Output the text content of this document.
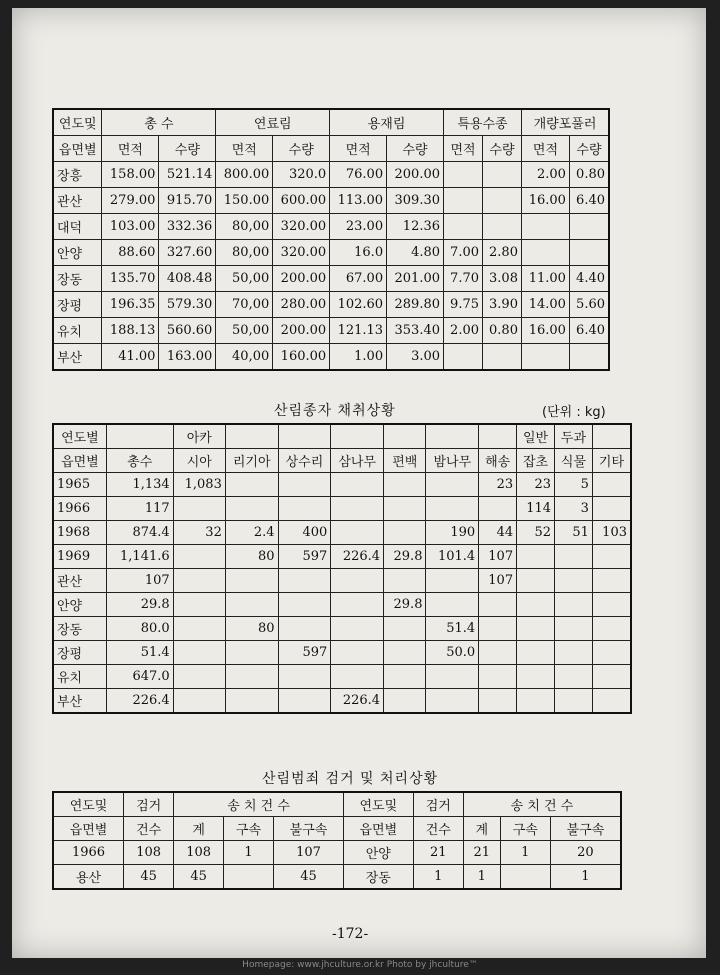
연도및	총 수		연료림		용재림		특용수종		개량포풀러	
읍면별	면적	수량	면적	수량	면적	수량	면적	수량	면적	수량
장흥	158.00	521.14	800.00	320.0	76.00	200.00			2.00	0.80
관산	279.00	915.70	150.00	600.00	113.00	309.30			16.00	6.40
대덕	103.00	332.36	80,00	320.00	23.00	12.36				
안양	88.60	327.60	80,00	320.00	16.0	4.80	7.00	2.80		
장동	135.70	408.48	50,00	200.00	67.00	201.00	7.70	3.08	11.00	4.40
장평	196.35	579.30	70,00	280.00	102.60	289.80	9.75	3.90	14.00	5.60
유치	188.13	560.60	50,00	200.00	121.13	353.40	2.00	0.80	16.00	6.40
부산	41.00	163.00	40,00	160.00	1.00	3.00				
산림종자 채취상황	(단위 : kg)
연도별		아카							일반	두과	
읍면별	총수	시아	리기아	상수리	삼나무	편백	밤나무	해송	잡초	식물	기타
1965	1,134	1,083						23	23	5	
1966	117								114	3	
1968	874.4	32	2.4	400			190	44	52	51	103
1969	1,141.6		80	597	226.4	29.8	101.4	107			
관산	107							107			
안양	29.8					29.8					
장동	80.0		80				51.4				
장평	51.4			597			50.0				
유치	647.0										
부산	226.4				226.4						
산림범죄 검거 및 처리상황
연도및	검거	송 치 건 수			연도및	검거	송 치 건 수		
읍면별	건수	계	구속	불구속	읍면별	건수	계	구속	불구속
1966	108	108	1	107	안양	21	21	1	20
용산	45	45		45	장동	1	1		1
-172-
Homepage: www.jhculture.or.kr Photo by jhculture™
